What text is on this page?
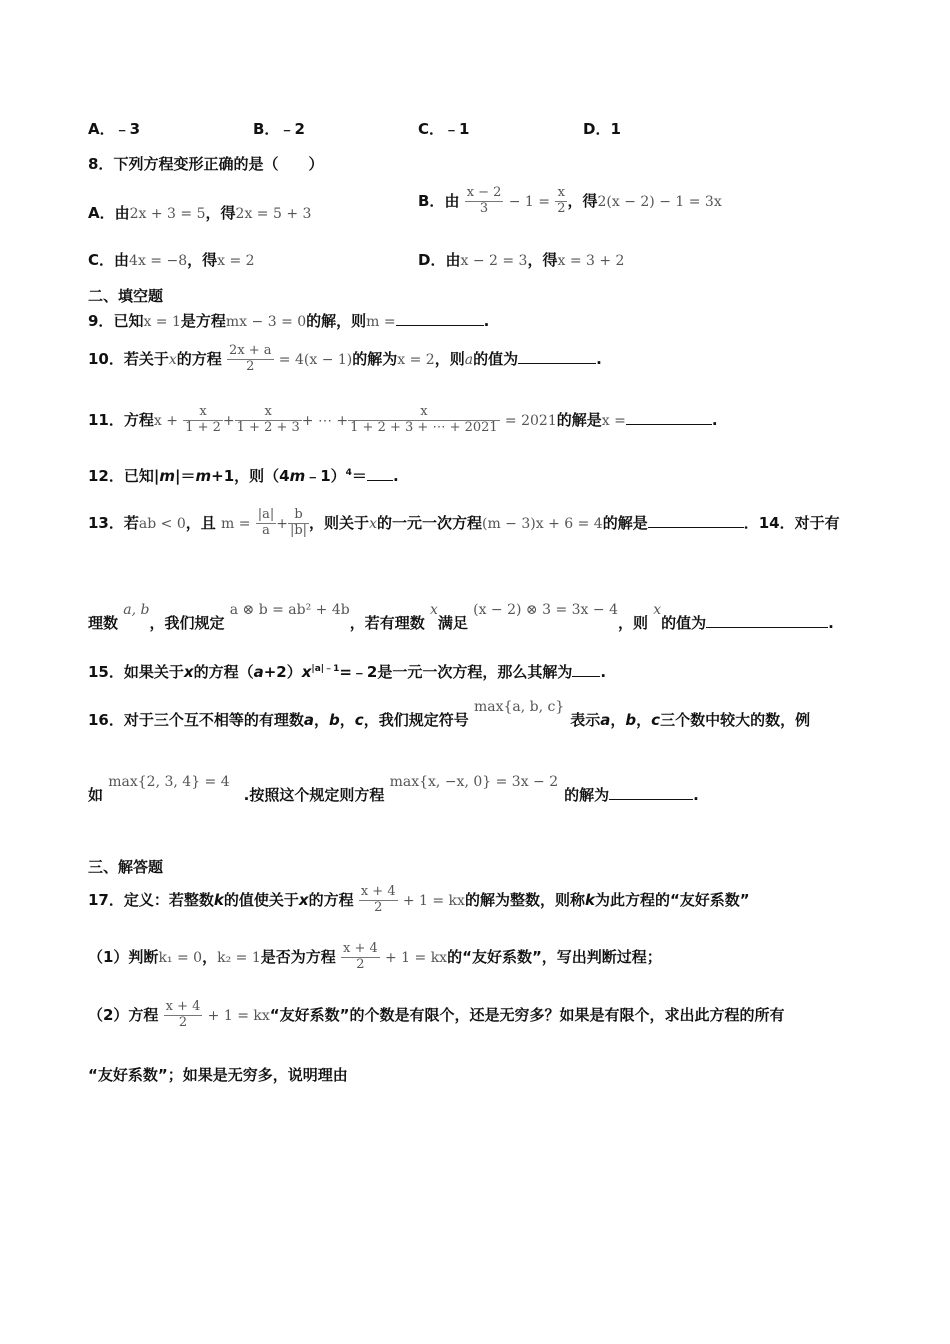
A．﹣3	B．﹣2	C．﹣1	D．1
8．下列方程变形正确的是（　　）
A．由2x + 3 = 5，得2x = 5 + 3
B．由 $\frac{x - 2}{3} - 1 = \frac{x}{2}$ ，得2(x − 2) − 1 = 3x
C．由4x = −8，得x = 2	D．由x − 2 = 3，得x = 3 + 2
二、填空题
9．已知x = 1是方程mx − 3 = 0的解，则m =	.
10．若关于x的方程 $\frac{2x + a}{2} = 4(x - 1)$的解为x = 2，则a的值为	.
11．方程$x + \frac{x}{1 + 2} + \frac{x}{1 + 2 + 3}$ + ⋯ + $\frac{x}{1 + 2 + 3 + \cdots + 2021} = 2021$的解是x =	.
12．已知|m|＝m+1，则（4m﹣1）$^4$＝ .
13．若ab < 0，且 $m = \frac{|a|}{a} + \frac{b}{|b|}$ ，则关于x的一元一次方程(m − 3)x + 6 = 4的解是	．14．对于有
理数 a, b，我们规定 a ⊗ b = ab² + 4b，若有理数 x满足 (x − 2) ⊗ 3 = 3x − 4，则 x的值为	.
15．如果关于x的方程$(a+2)x^{|a|﹣1}=﹣2$是一元一次方程，那么其解为 .
16．对于三个互不相等的有理数a，b，c，我们规定符号 max{a, b, c}表示a，b，c三个数中较大的数，例
如 max{2, 3, 4} = 4.按照这个规定则方程 max{x, −x, 0} = 3x − 2的解为	.
三、解答题
17．定义：若整数k的值使关于x的方程 $\frac{x + 4}{2} + 1$ = kx的解为整数，则称k为此方程的“友好系数”
（1）判断k₁ = 0，k₂ = 1是否为方程 $\frac{x + 4}{2} + 1$ = kx的“友好系数”，写出判断过程；
（2）方程 $\frac{x + 4}{2} + 1$ = kx“友好系数”的个数是有限个，还是无穷多？如果是有限个，求出此方程的所有
“友好系数”；如果是无穷多，说明理由
